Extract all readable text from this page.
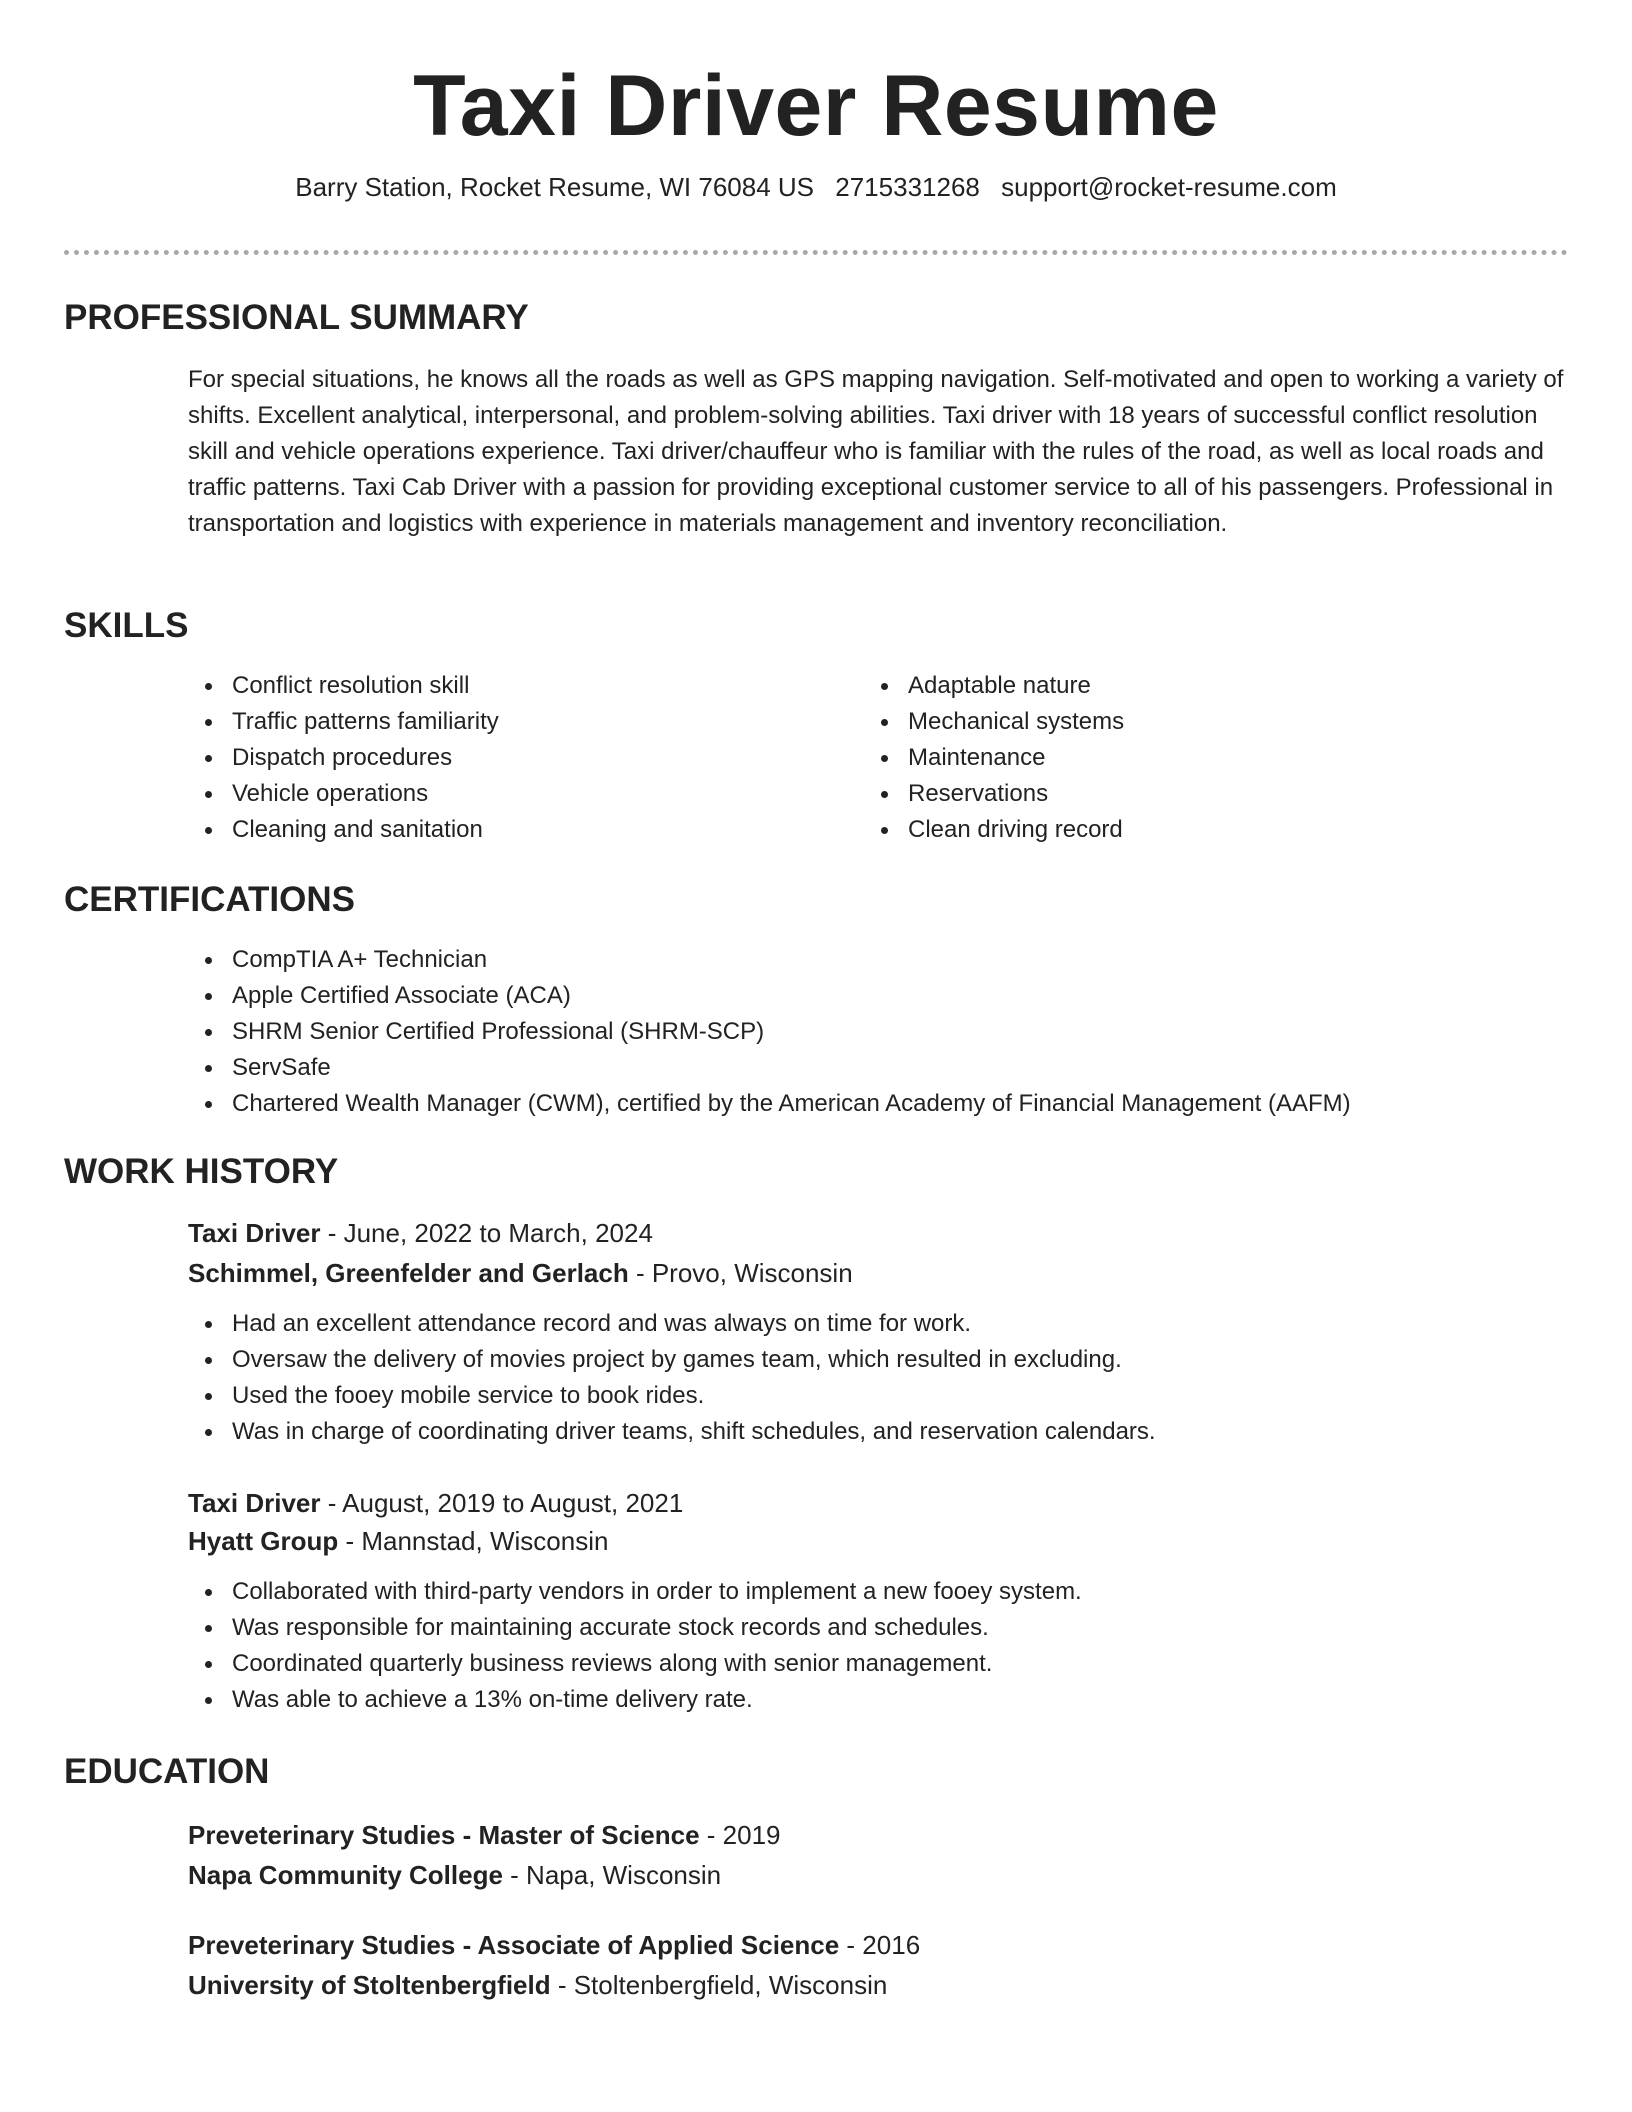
Taxi Driver Resume
Barry Station, Rocket Resume, WI 76084 US 2715331268 support@rocket-resume.com
PROFESSIONAL SUMMARY

For special situations, he knows all the roads as well as GPS mapping navigation. Self-motivated and open to working a variety of shifts. Excellent analytical, interpersonal, and problem-solving abilities. Taxi driver with 18 years of successful conflict resolution skill and vehicle operations experience. Taxi driver/chauffeur who is familiar with the rules of the road, as well as local roads and traffic patterns. Taxi Cab Driver with a passion for providing exceptional customer service to all of his passengers. Professional in transportation and logistics with experience in materials management and inventory reconciliation.

SKILLS
Conflict resolution skill
Traffic patterns familiarity
Dispatch procedures
Vehicle operations
Cleaning and sanitation
Adaptable nature
Mechanical systems
Maintenance
Reservations
Clean driving record
CERTIFICATIONS
CompTIA A+ Technician
Apple Certified Associate (ACA)
SHRM Senior Certified Professional (SHRM-SCP)
ServSafe
Chartered Wealth Manager (CWM), certified by the American Academy of Financial Management (AAFM)
WORK HISTORY
Taxi Driver - June, 2022 to March, 2024
Schimmel, Greenfelder and Gerlach - Provo, Wisconsin
Had an excellent attendance record and was always on time for work.
Oversaw the delivery of movies project by games team, which resulted in excluding.
Used the fooey mobile service to book rides.
Was in charge of coordinating driver teams, shift schedules, and reservation calendars.
Taxi Driver - August, 2019 to August, 2021
Hyatt Group - Mannstad, Wisconsin
Collaborated with third-party vendors in order to implement a new fooey system.
Was responsible for maintaining accurate stock records and schedules.
Coordinated quarterly business reviews along with senior management.
Was able to achieve a 13% on-time delivery rate.
EDUCATION
Preveterinary Studies - Master of Science - 2019
Napa Community College - Napa, Wisconsin
Preveterinary Studies - Associate of Applied Science - 2016
University of Stoltenbergfield - Stoltenbergfield, Wisconsin
